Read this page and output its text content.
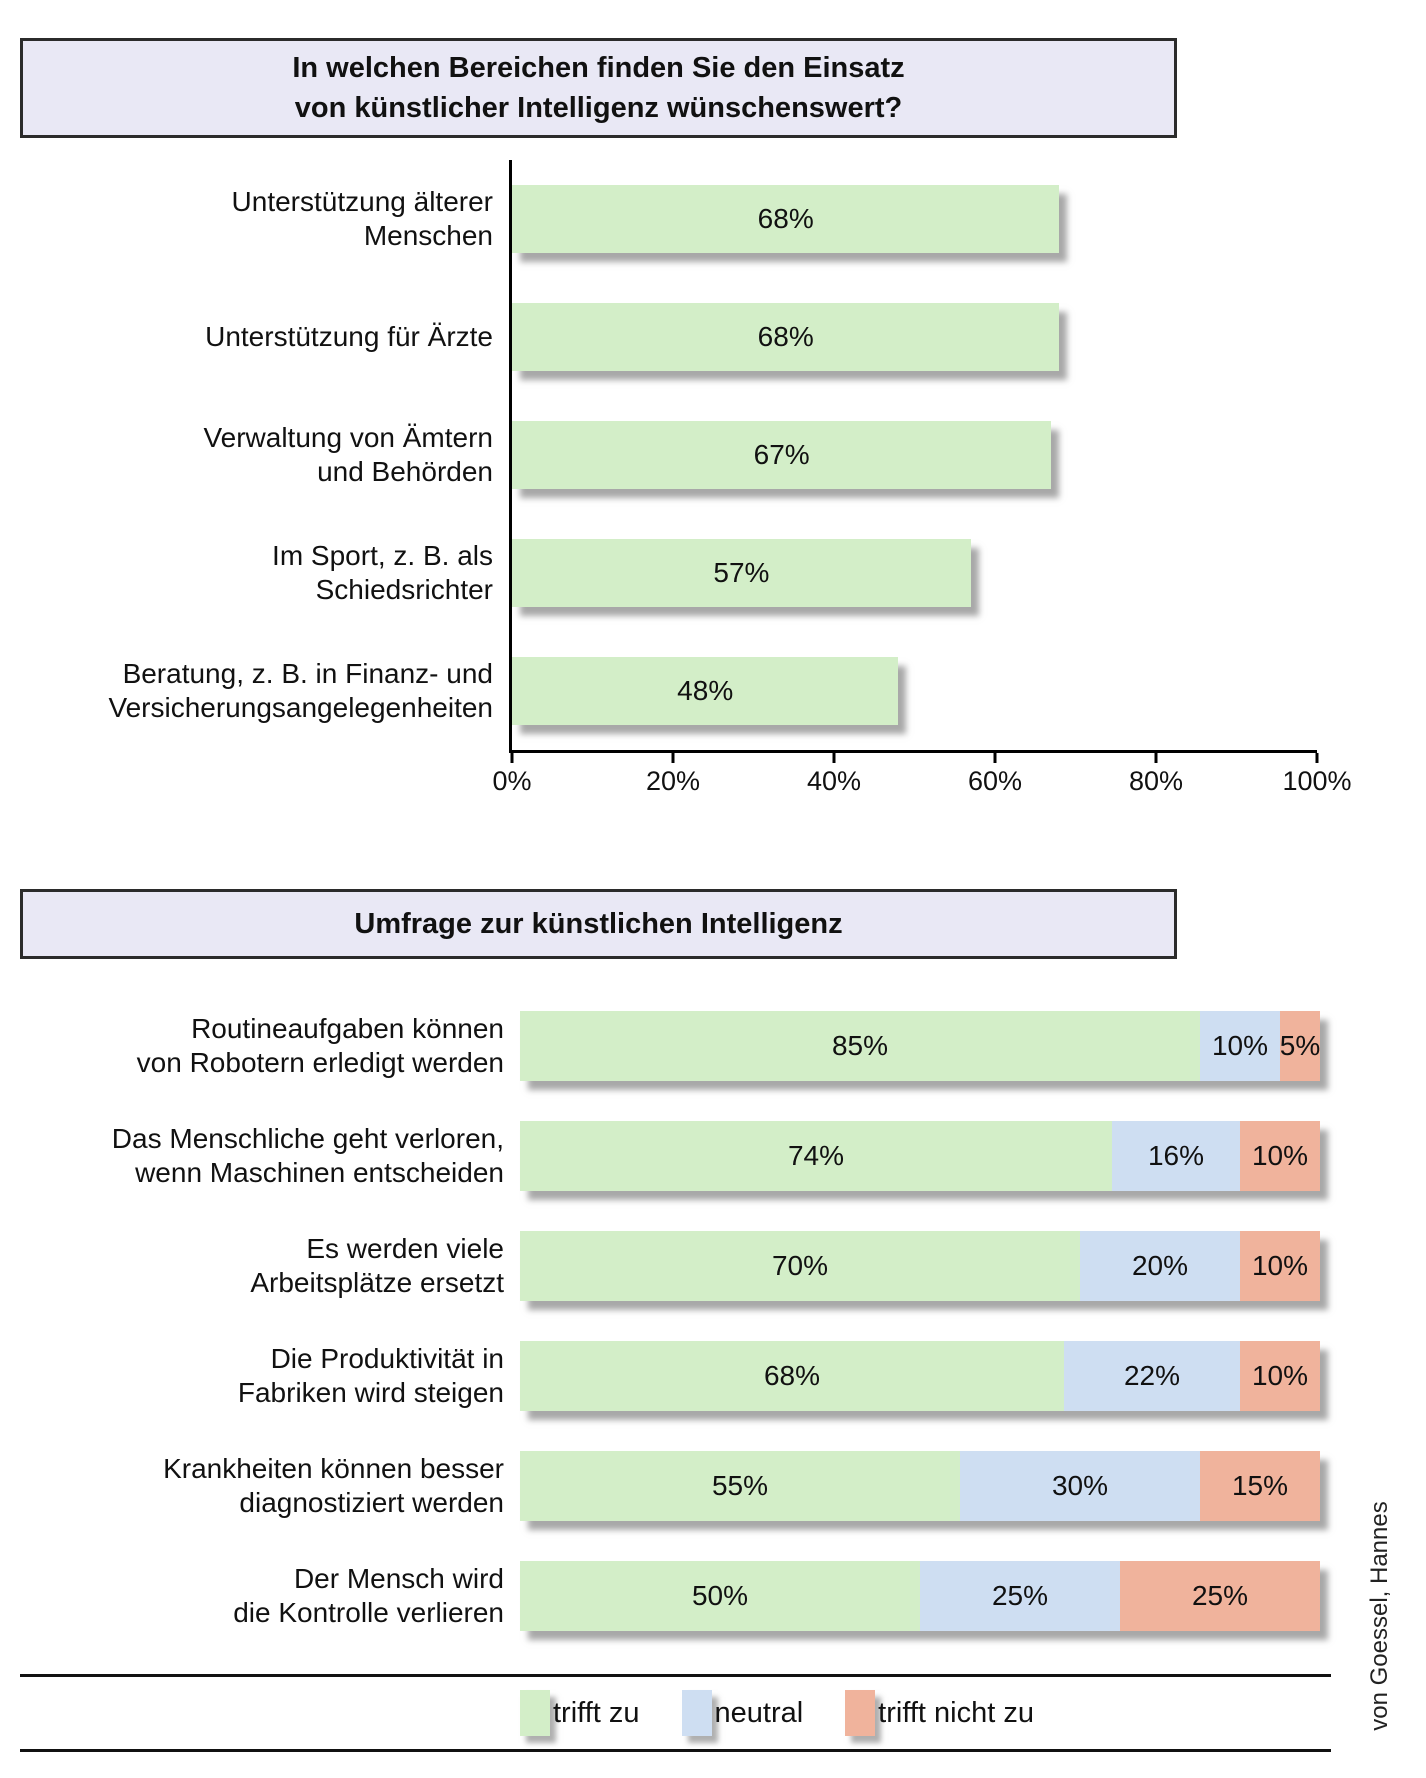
In welchen Bereichen finden Sie den Einsatz
von künstlicher Intelligenz wünschenswert?
Unterstützung älterer
Menschen
68%
Unterstützung für Ärzte	68%
Verwaltung von Ämtern
und Behörden
67%
Im Sport, z. B. als
Schiedsrichter
57%
Beratung, z. B. in Finanz- und
Versicherungsangelegenheiten
48%
0%	20%	40%	60%	80%	100%
Umfrage zur künstlichen Intelligenz
Routineaufgaben können
von Robotern erledigt werden
85%	10% 5%
Das Menschliche geht verloren,
wenn Maschinen entscheiden
74%	16% 10%
Es werden viele
Arbeitsplätze ersetzt
70%	20% 10%
Die Produktivität in
Fabriken wird steigen
68%	22%	10%
Krankheiten können besser
diagnostiziert werden
55%	30%	15%
Der Mensch wird
die Kontrolle verlieren
50%	25%	25%
trifft zu	neutral	trifft nicht zu	von Goessel, Hannes
